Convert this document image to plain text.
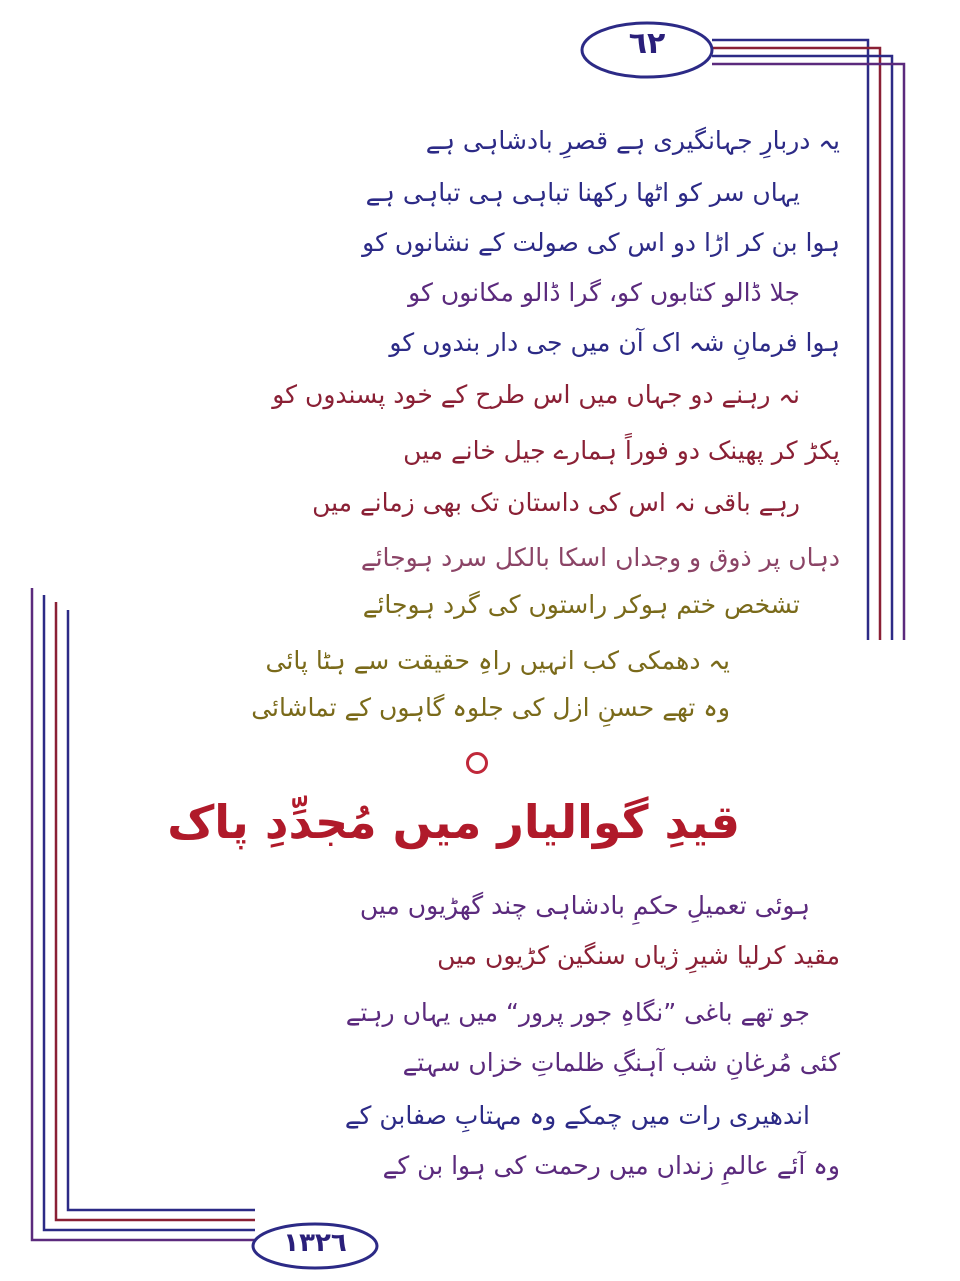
٦٢
١٣٢٦
یہ دربارِ جہانگیری ہے قصرِ بادشاہی ہے
یہاں سر کو اٹھا رکھنا تباہی ہی تباہی ہے
ہوا بن کر اڑا دو اس کی صولت کے نشانوں کو
جلا ڈالو کتابوں کو، گرا ڈالو مکانوں کو
ہوا فرمانِ شہ اک آن میں جی دار بندوں کو
نہ رہنے دو جہاں میں اس طرح کے خود پسندوں کو
پکڑ کر پھینک دو فوراً ہمارے جیل خانے میں
رہے باقی نہ اس کی داستان تک بھی زمانے میں
دہاں پر ذوق و وجداں اسکا بالکل سرد ہوجائے
تشخص ختم ہوکر راستوں کی گرد ہوجائے
یہ دھمکی کب انہیں راہِ حقیقت سے ہٹا پائی
وہ تھے حسنِ ازل کی جلوہ گاہوں کے تماشائی
قیدِ گوالیار میں مُجدِّدِ پاک
ہوئی تعمیلِ حکمِ بادشاہی چند گھڑیوں میں
مقید کرلیا شیرِ ژیاں سنگین کڑیوں میں
جو تھے باغی ”نگاہِ جور پرور“ میں یہاں رہتے
کئی مُرغانِ شب آہنگِ ظلماتِ خزاں سہتے
اندھیری رات میں چمکے وہ مہتابِ صفابن کے
وہ آئے عالمِ زنداں میں رحمت کی ہوا بن کے
